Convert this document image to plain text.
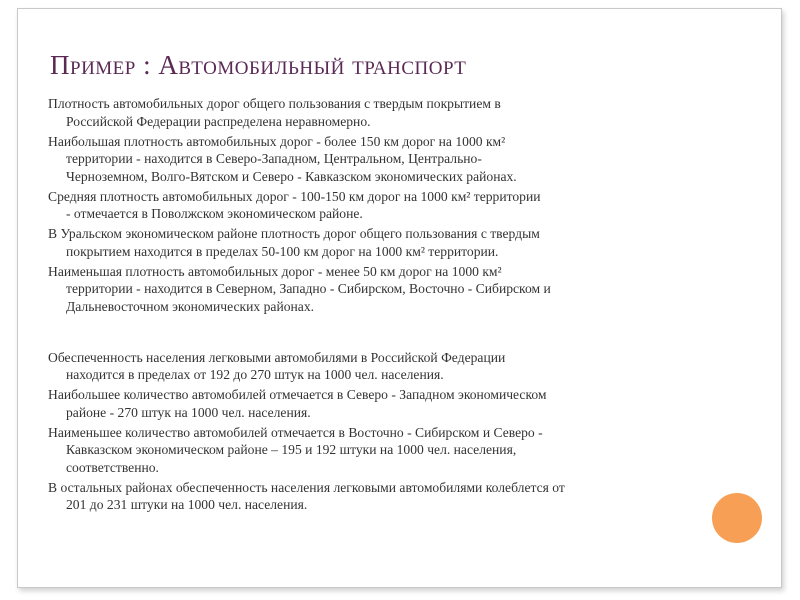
Пример : Автомобильный транспорт
Плотность автомобильных дорог общего пользования с твердым покрытием в
Российской Федерации распределена неравномерно.
Наибольшая плотность автомобильных дорог - более 150 км дорог на 1000 км²
территории - находится в Северо-Западном, Центральном, Центрально-
Черноземном, Волго-Вятском и Северо - Кавказском экономических районах.
Средняя плотность автомобильных дорог - 100-150 км дорог на 1000 км² территории
- отмечается в Поволжском экономическом районе.
В Уральском экономическом районе плотность дорог общего пользования с твердым
покрытием находится в пределах 50-100 км дорог на 1000 км² территории.
Наименьшая плотность автомобильных дорог - менее 50 км дорог на 1000 км²
территории - находится в Северном, Западно - Сибирском, Восточно - Сибирском и
Дальневосточном экономических районах.
Обеспеченность населения легковыми автомобилями в Российской Федерации
находится в пределах от 192 до 270 штук на 1000 чел. населения.
Наибольшее количество автомобилей отмечается в Северо - Западном экономическом
районе - 270 штук на 1000 чел. населения.
Наименьшее количество автомобилей отмечается в Восточно - Сибирском и Северо -
Кавказском экономическом районе – 195 и 192 штуки на 1000 чел. населения,
соответственно.
В остальных районах обеспеченность населения легковыми автомобилями колеблется от
201 до 231 штуки на 1000 чел. населения.
